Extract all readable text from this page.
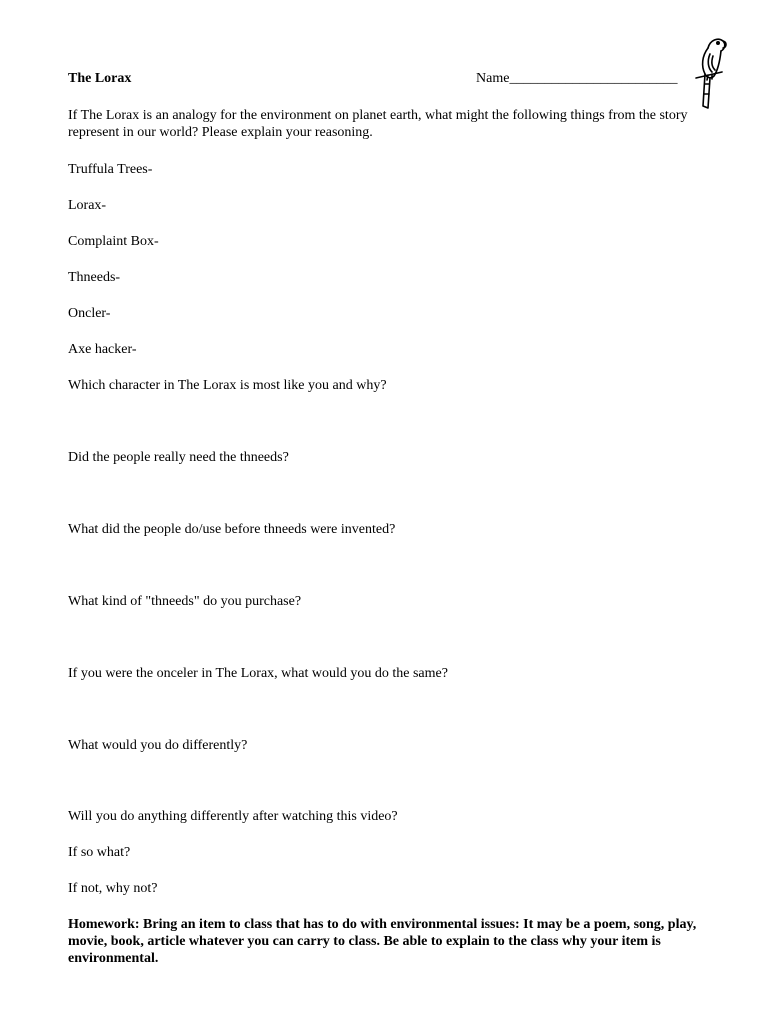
The Lorax	Name________________________
If The Lorax is an analogy for the environment on planet earth, what might the following things from the story represent in our world? Please explain your reasoning.
Truffula Trees-
Lorax-
Complaint Box-
Thneeds-
Oncler-
Axe hacker-
Which character in The Lorax is most like you and why?
Did the people really need the thneeds?
What did the people do/use before thneeds were invented?
What kind of "thneeds" do you purchase?
If you were the onceler in The Lorax, what would you do the same?
What would you do differently?
Will you do anything differently after watching this video?
If so what?
If not, why not?
Homework: Bring an item to class that has to do with environmental issues: It may be a poem, song, play, movie, book, article whatever you can carry to class. Be able to explain to the class why your item is environmental.
